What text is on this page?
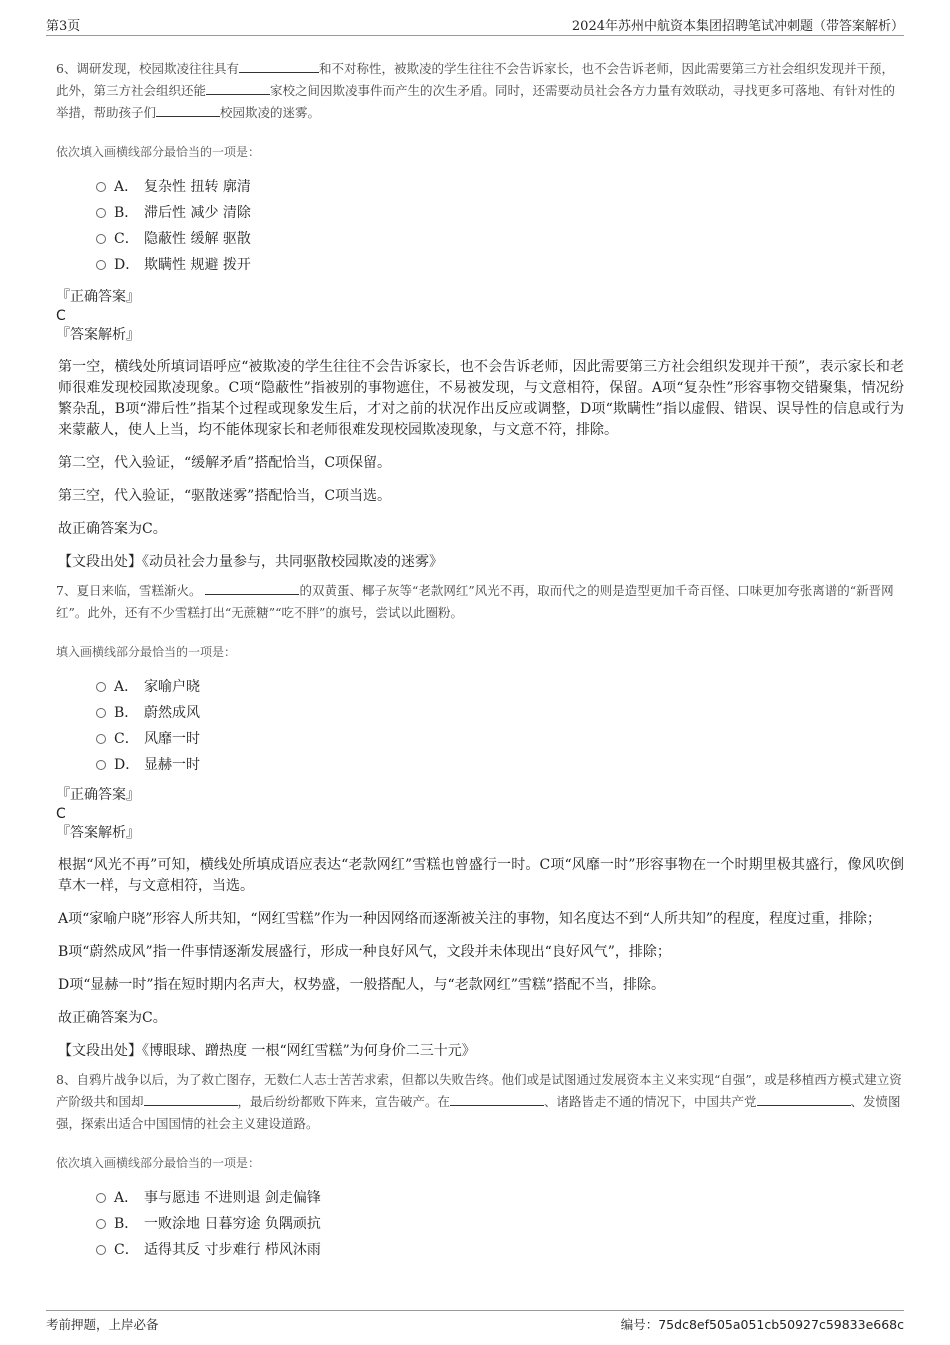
第3页	2024年苏州中航资本集团招聘笔试冲刺题（带答案解析）

6、调研发现，校园欺凌往往具有	和不对称性，被欺凌的学生往往不会告诉家长，也不会告诉老师，因此需要第三方社会组织发现并干预，此外，第三方社会组织还能	家校之间因欺凌事件而产生的次生矛盾。同时，还需要动员社会各方力量有效联动，寻找更多可落地、有针对性的举措，帮助孩子们	校园欺凌的迷雾。

依次填入画横线部分最恰当的一项是：

A． 复杂性 扭转 廓清
B． 滞后性 减少 清除
C． 隐蔽性 缓解 驱散
D． 欺瞒性 规避 拨开

『正确答案』

C

『答案解析』

第一空，横线处所填词语呼应“被欺凌的学生往往不会告诉家长，也不会告诉老师，因此需要第三方社会组织发现并干预”，表示家长和老师很难发现校园欺凌现象。C项“隐蔽性”指被别的事物遮住，不易被发现，与文意相符，保留。A项“复杂性”形容事物交错聚集，情况纷繁杂乱，B项“滞后性”指某个过程或现象发生后，才对之前的状况作出反应或调整，D项“欺瞒性”指以虚假、错误、误导性的信息或行为来蒙蔽人，使人上当，均不能体现家长和老师很难发现校园欺凌现象，与文意不符，排除。

第二空，代入验证，“缓解矛盾”搭配恰当，C项保留。

第三空，代入验证，“驱散迷雾”搭配恰当，C项当选。

故正确答案为C。

【文段出处】《动员社会力量参与，共同驱散校园欺凌的迷雾》

7、夏日来临，雪糕渐火。	的双黄蛋、椰子灰等“老款网红”风光不再，取而代之的则是造型更加千奇百怪、口味更加夸张离谱的“新晋网红”。此外，还有不少雪糕打出“无蔗糖”“吃不胖”的旗号，尝试以此圈粉。

填入画横线部分最恰当的一项是：

A． 家喻户晓
B． 蔚然成风
C． 风靡一时
D． 显赫一时

『正确答案』

C

『答案解析』

根据“风光不再”可知，横线处所填成语应表达“老款网红”雪糕也曾盛行一时。C项“风靡一时”形容事物在一个时期里极其盛行，像风吹倒草木一样，与文意相符，当选。

A项“家喻户晓”形容人所共知，“网红雪糕”作为一种因网络而逐渐被关注的事物，知名度达不到“人所共知”的程度，程度过重，排除；

B项“蔚然成风”指一件事情逐渐发展盛行，形成一种良好风气，文段并未体现出“良好风气”，排除；

D项“显赫一时”指在短时期内名声大，权势盛，一般搭配人，与“老款网红”雪糕”搭配不当，排除。

故正确答案为C。

【文段出处】《博眼球、蹭热度 一根“网红雪糕”为何身价二三十元》

8、自鸦片战争以后，为了救亡图存，无数仁人志士苦苦求索，但都以失败告终。他们或是试图通过发展资本主义来实现“自强”，或是移植西方模式建立资产阶级共和国却	，最后纷纷都败下阵来，宣告破产。在	、诸路皆走不通的情况下，中国共产党	、发愤图强，探索出适合中国国情的社会主义建设道路。

依次填入画横线部分最恰当的一项是：

A． 事与愿违 不进则退 剑走偏锋
B． 一败涂地 日暮穷途 负隅顽抗
C． 适得其反 寸步难行 栉风沐雨
考前押题，上岸必备	编号：75dc8ef505a051cb50927c59833e668c
